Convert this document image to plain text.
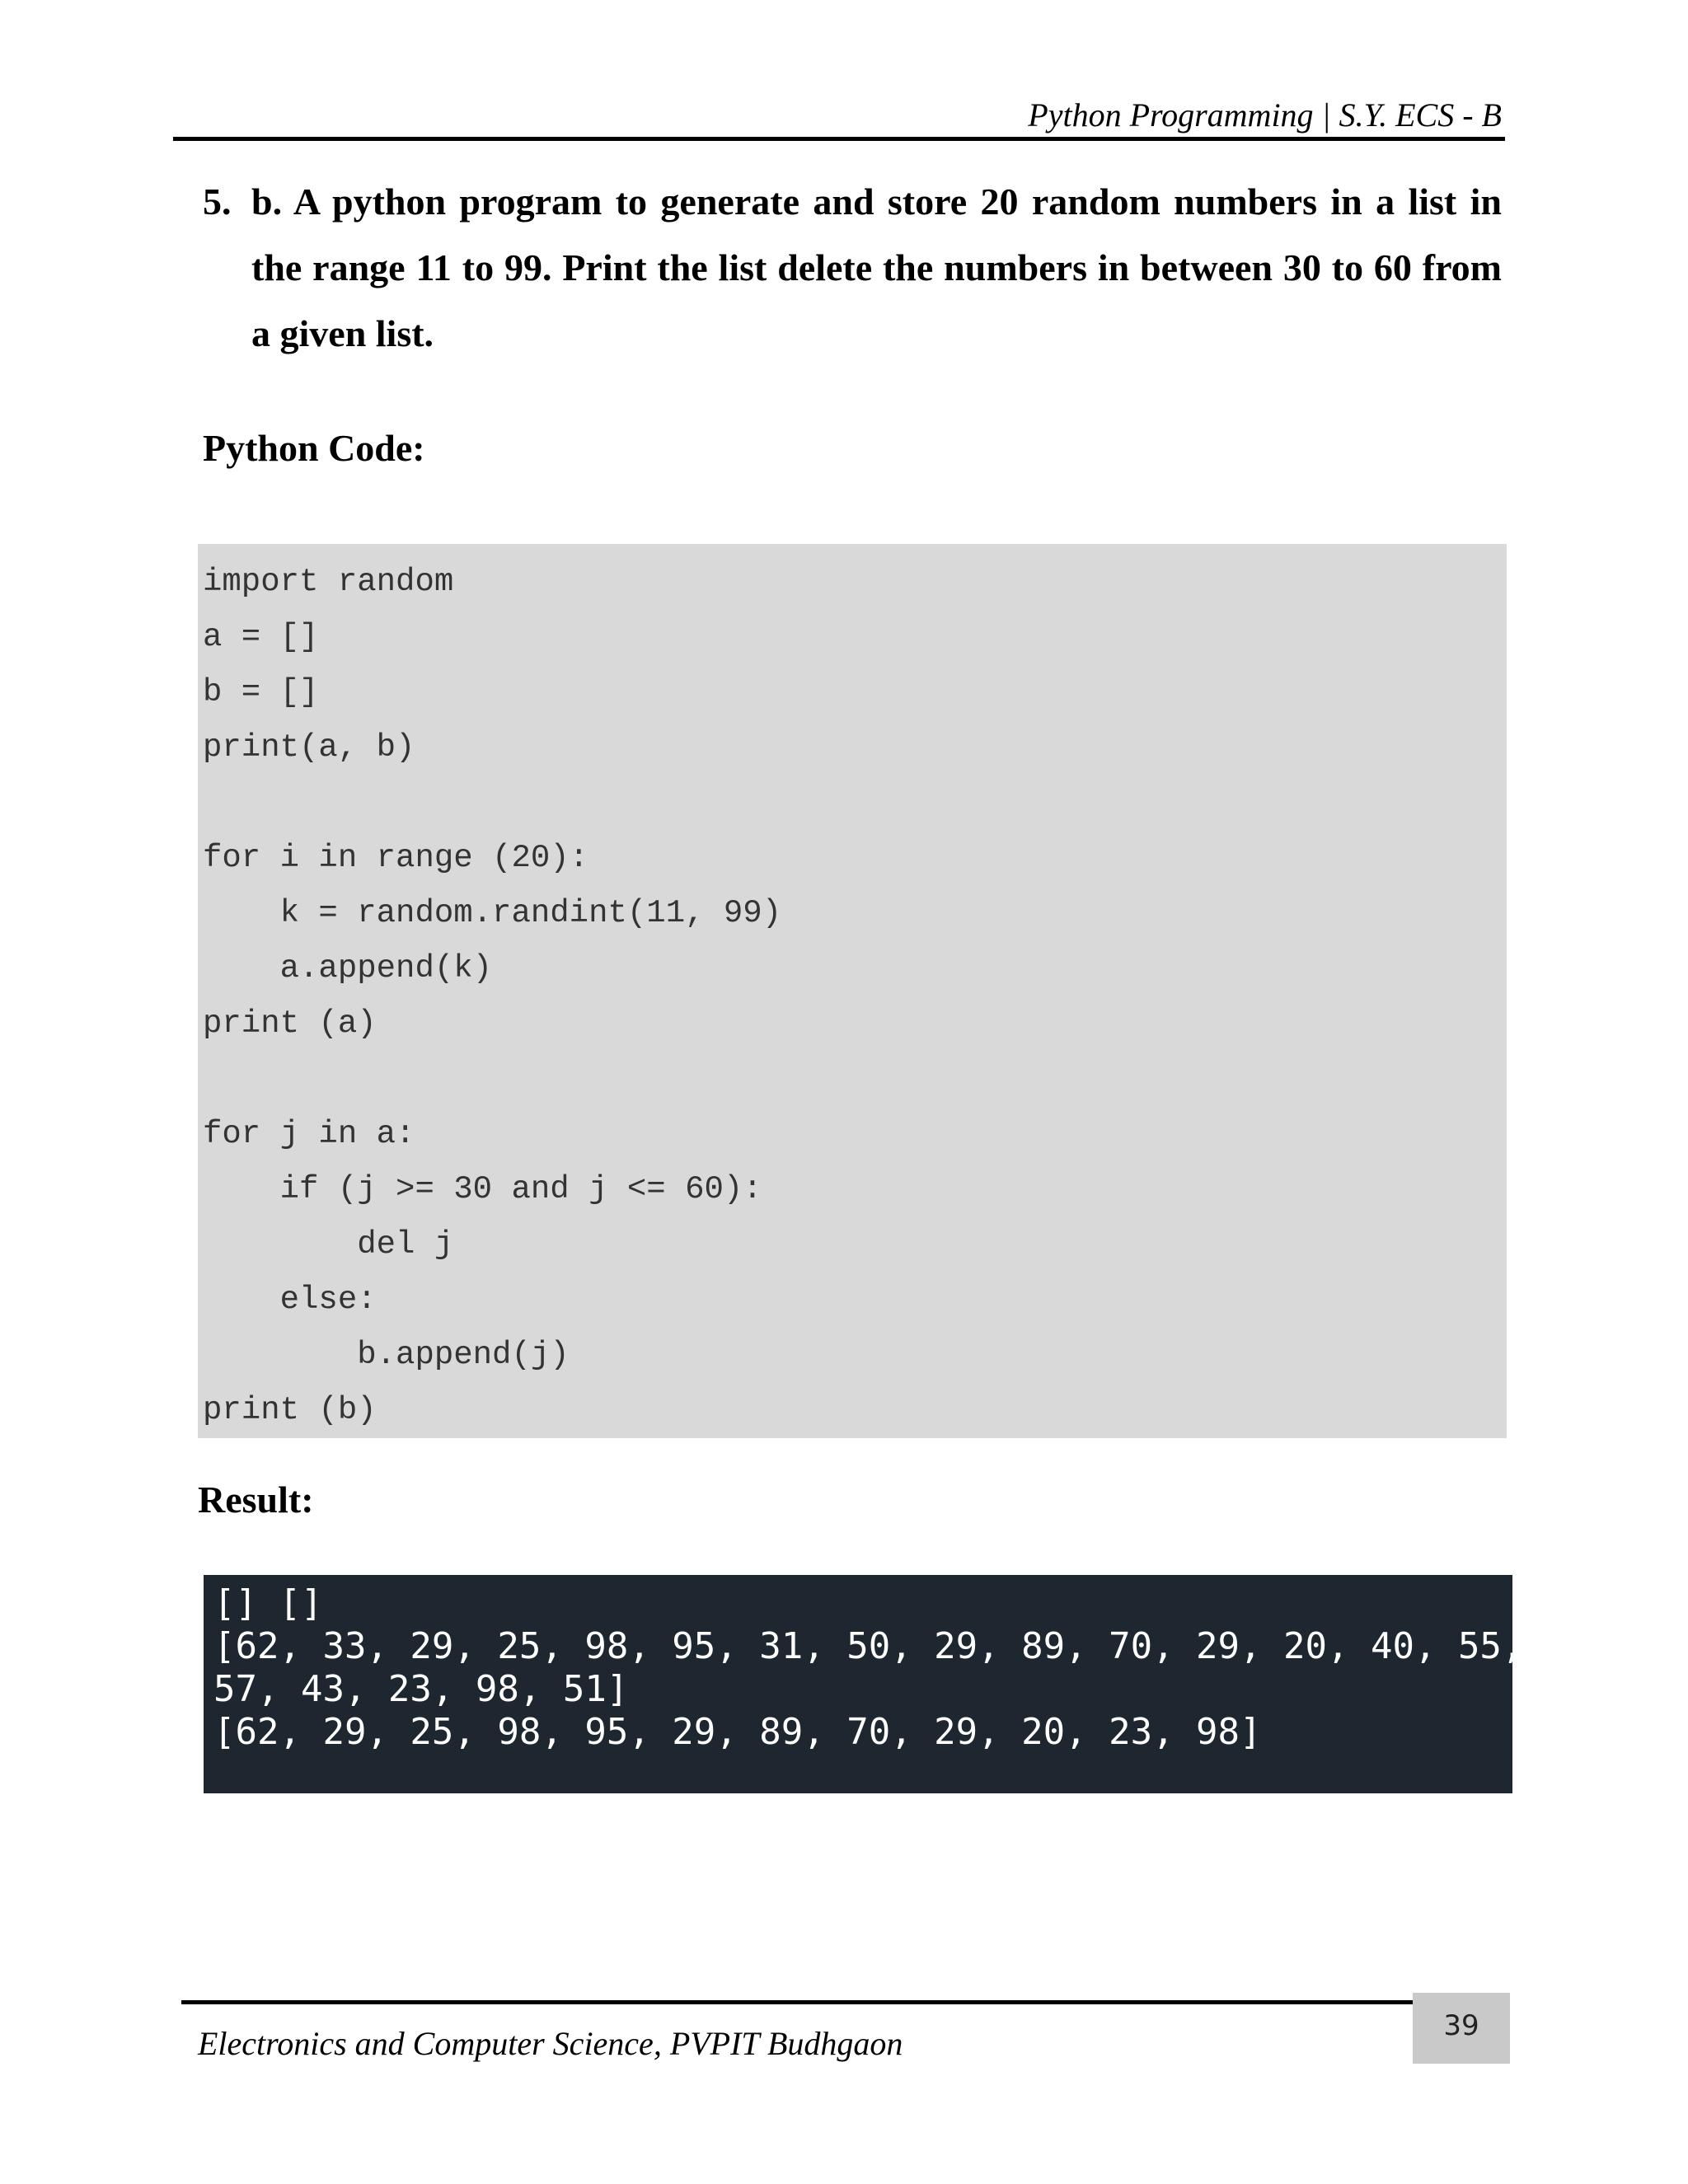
Python Programming | S.Y. ECS - B
5. b. A python program to generate and store 20 random numbers in a list in
the range 11 to 99. Print the list delete the numbers in between 30 to 60 from
a given list.
Python Code:
import random
a = []
b = []
print(a, b)
for i in range (20):
k = random.randint(11, 99)
a.append(k)
print (a)
for j in a:
if (j >= 30 and j <= 60):
del j
else:
b.append(j)
print (b)
Result:
[] []
[62, 33, 29, 25, 98, 95, 31, 50, 29, 89, 70, 29, 20, 40, 55,
57, 43, 23, 98, 51]
[62, 29, 25, 98, 95, 29, 89, 70, 29, 20, 23, 98]
39
Electronics and Computer Science, PVPIT Budhgaon
